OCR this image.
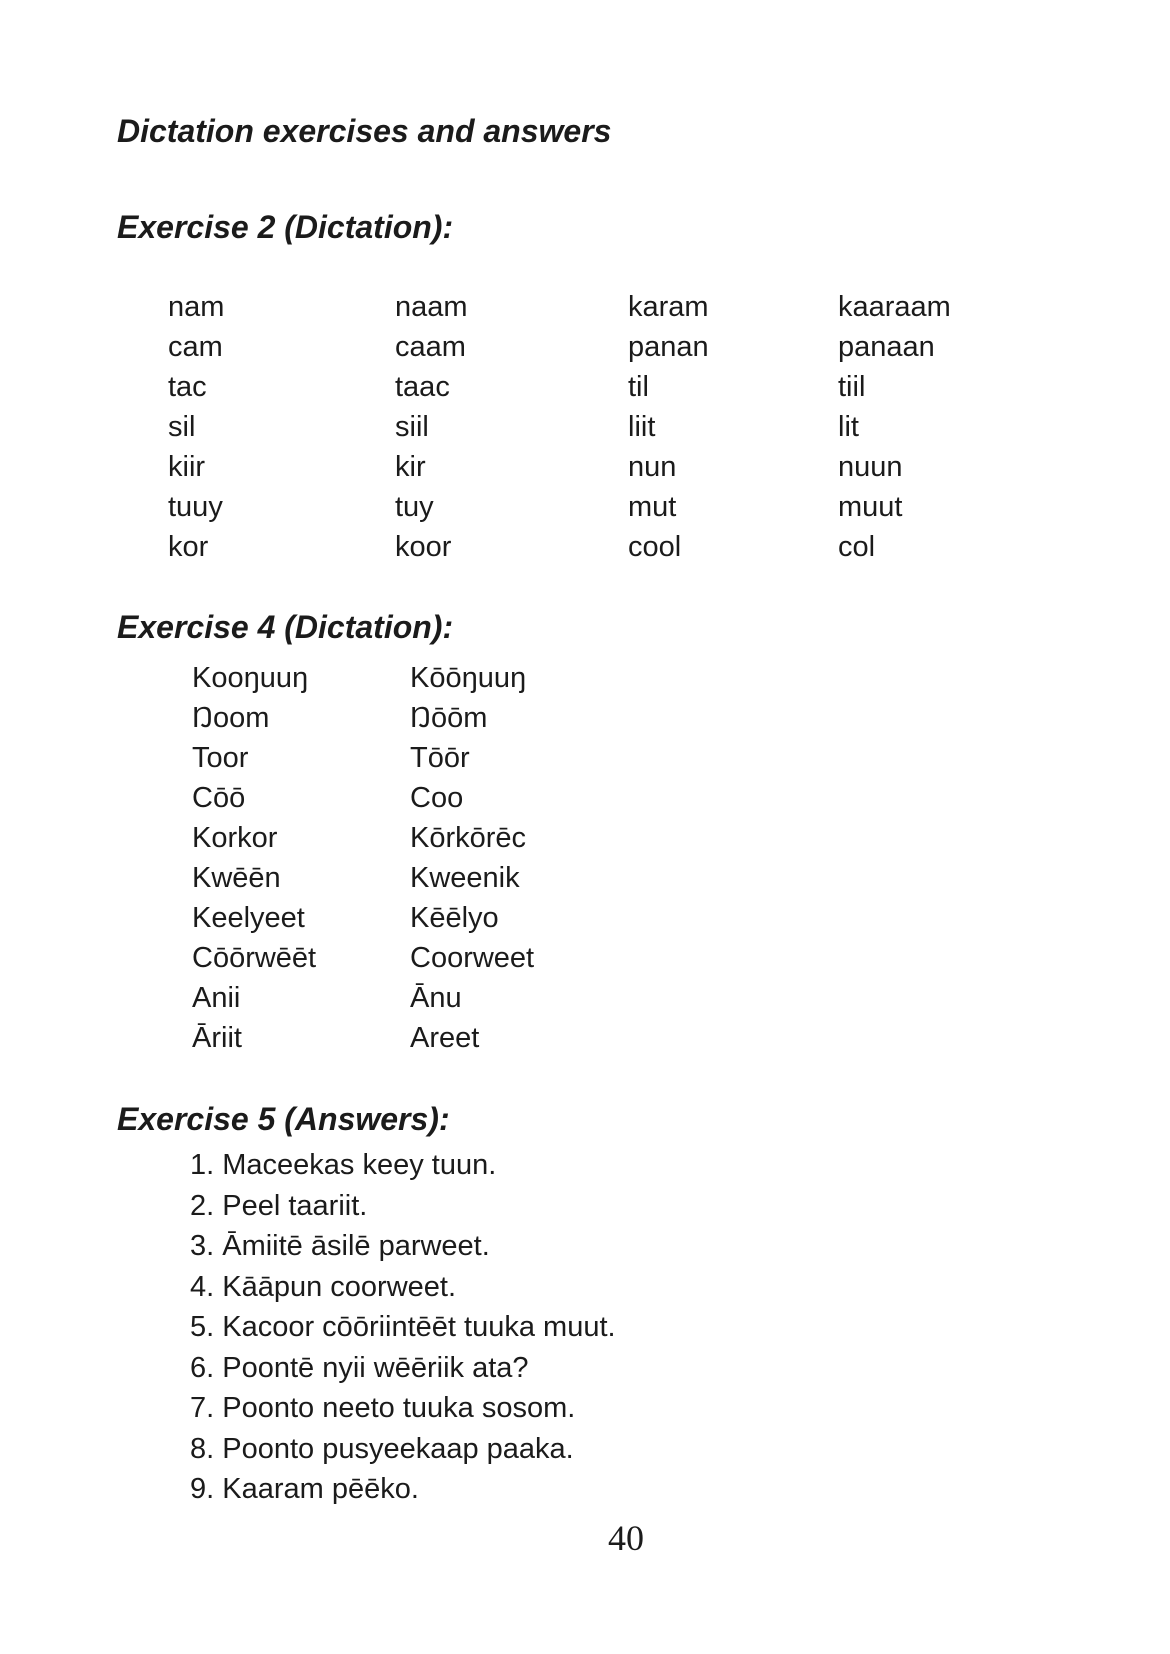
Dictation exercises and answers
Exercise 2 (Dictation):
nam	naam	karam	kaaraam
cam	caam	panan	panaan
tac	taac	til	tiil
sil	siil	liit	lit
kiir	kir	nun	nuun
tuuy	tuy	mut	muut
kor	koor	cool	col
Exercise 4 (Dictation):
Kooŋuuŋ	Kōōŋuuŋ
Ŋoom	Ŋōōm
Toor	Tōōr
Cōō	Coo
Korkor	Kōrkōrēc
Kwēēn	Kweenik
Keelyeet	Kēēlyo
Cōōrwēēt	Coorweet
Anii	Ānu
Āriit	Areet
Exercise 5 (Answers):
1. Maceekas keey tuun.
2. Peel taariit.
3. Āmiitē āsilē parweet.
4. Kāāpun coorweet.
5. Kacoor cōōriintēēt tuuka muut.
6. Poontē nyii wēēriik ata?
7. Poonto neeto tuuka sosom.
8. Poonto pusyeekaap paaka.
9. Kaaram pēēko.
40
